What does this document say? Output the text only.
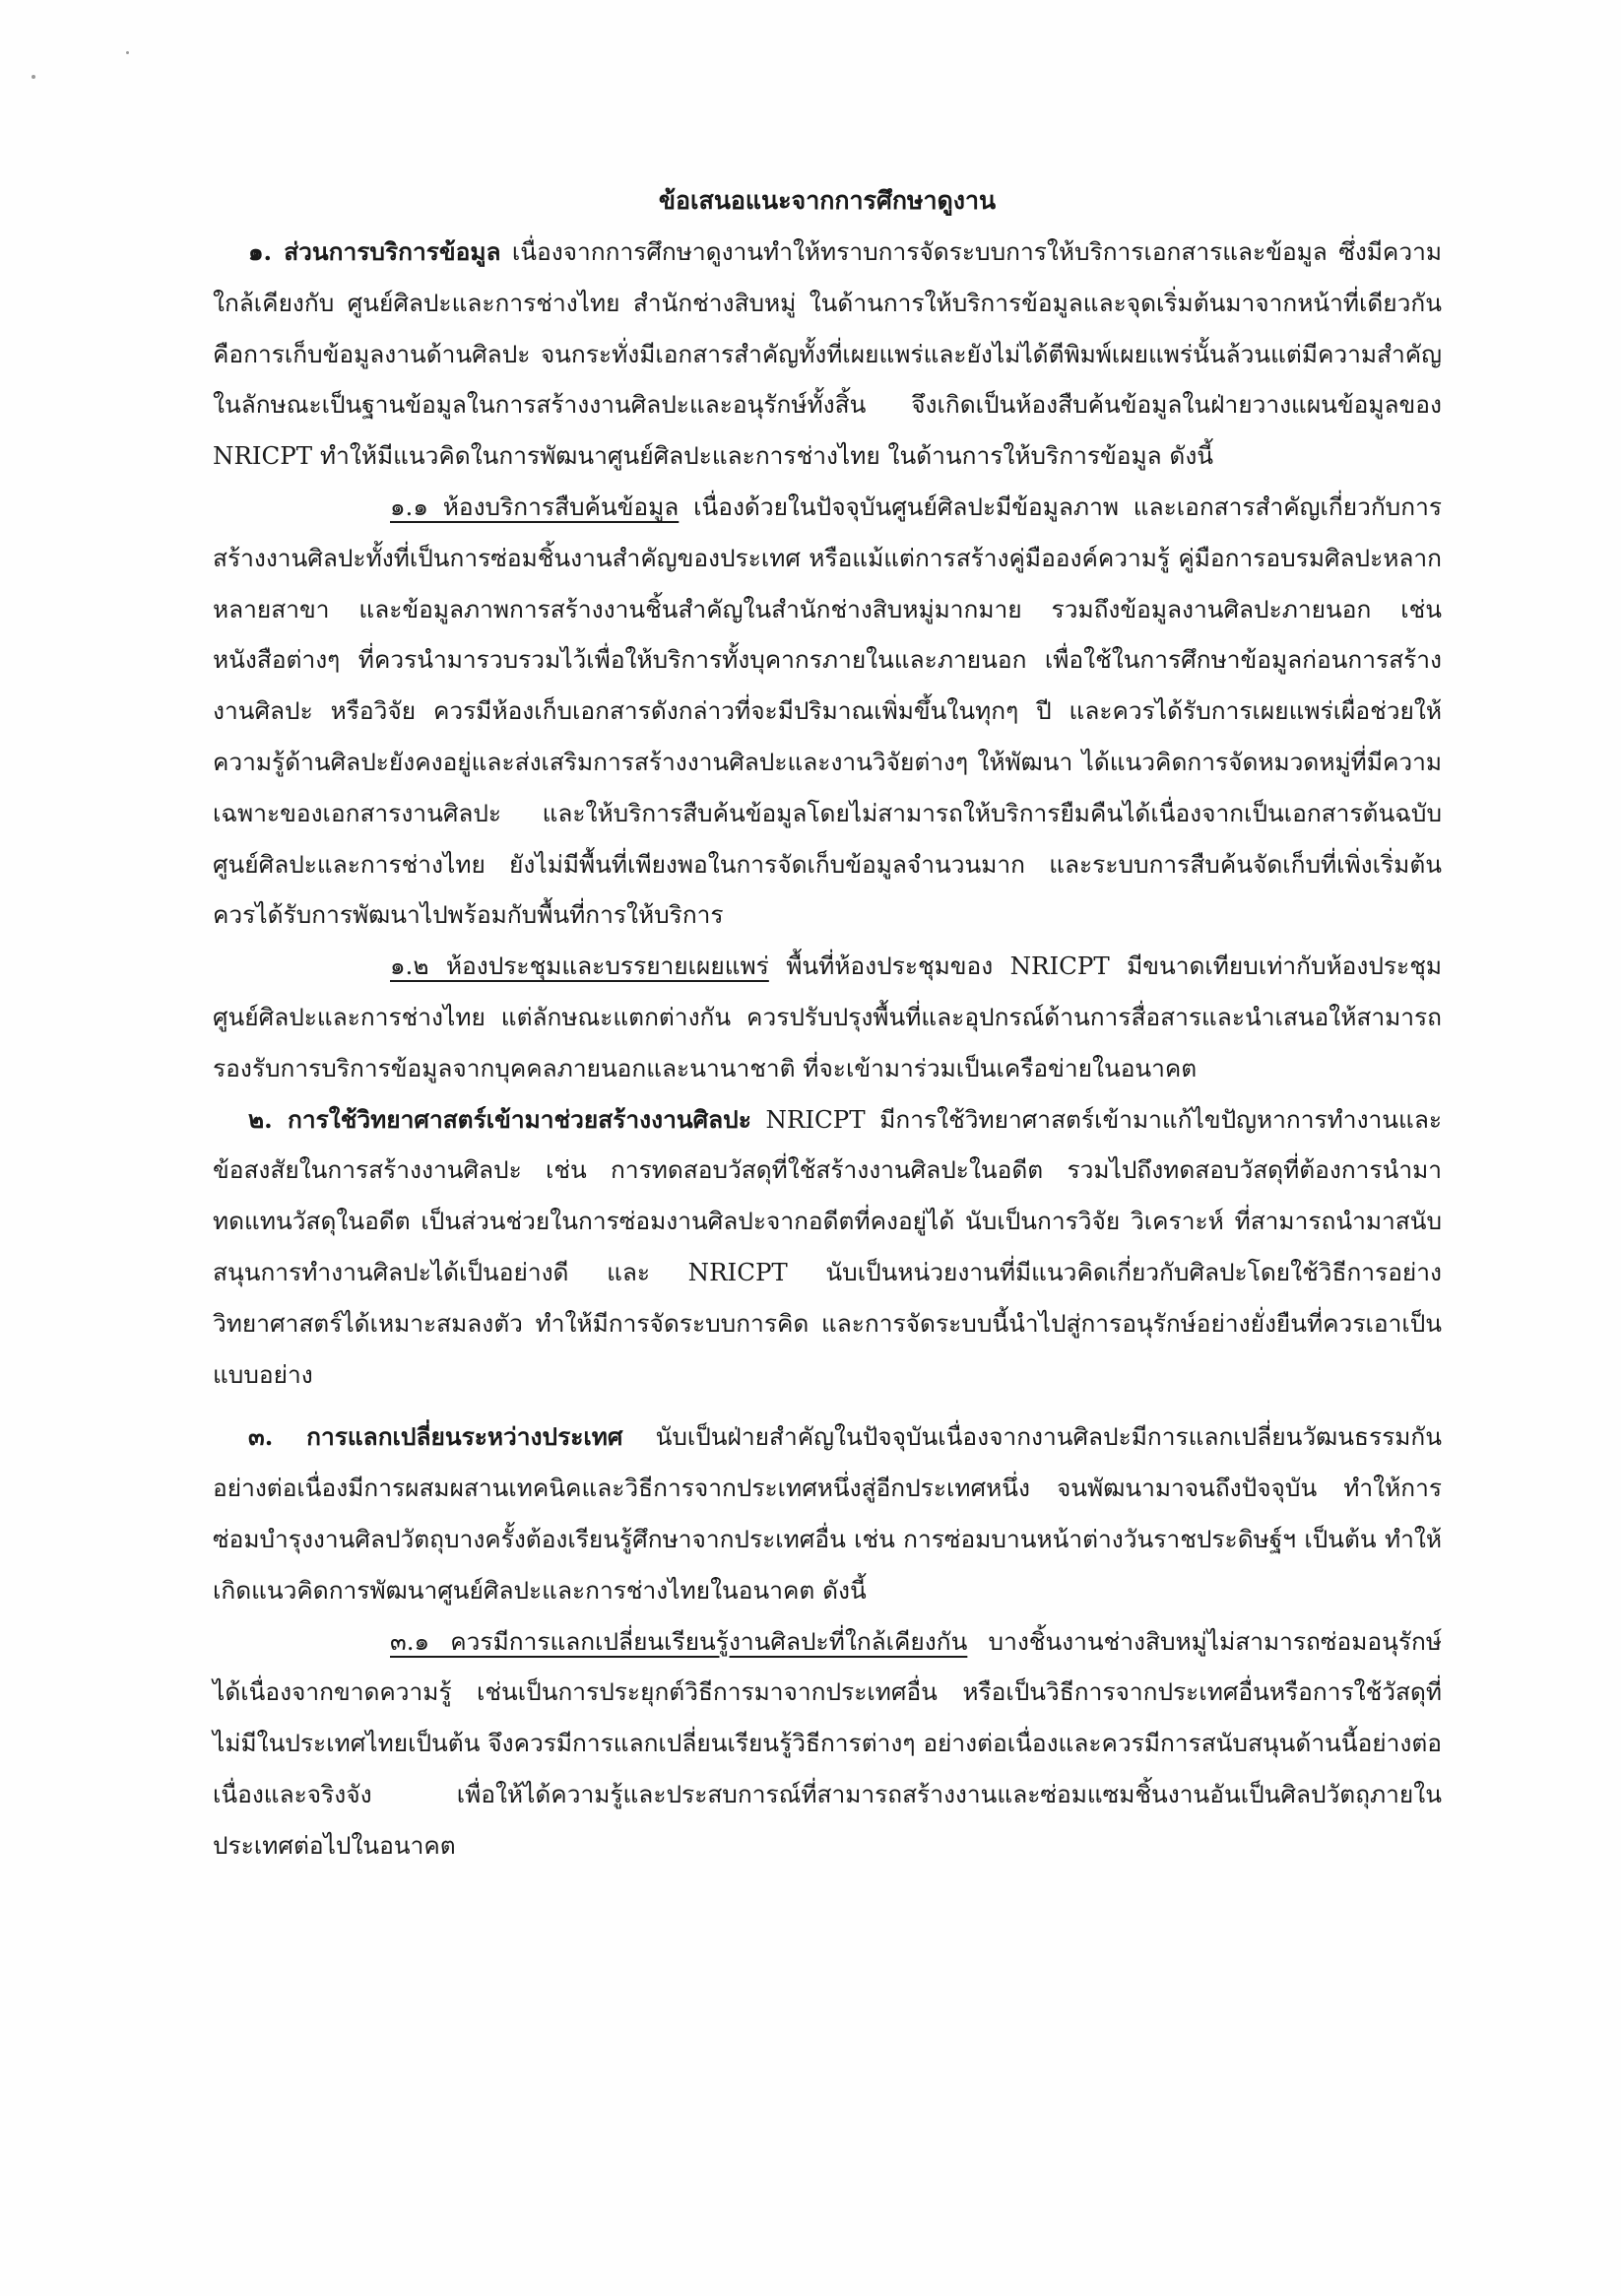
ข้อเสนอแนะจากการศึกษาดูงาน

๑. ส่วนการบริการข้อมูล เนื่องจากการศึกษาดูงานทำให้ทราบการจัดระบบการให้บริการเอกสารและข้อมูล ซึ่งมีความใกล้เคียงกับ ศูนย์ศิลปะและการช่างไทย สำนักช่างสิบหมู่ ในด้านการให้บริการข้อมูลและจุดเริ่มต้นมาจากหน้าที่เดียวกัน คือการเก็บข้อมูลงานด้านศิลปะ จนกระทั่งมีเอกสารสำคัญทั้งที่เผยแพร่และยังไม่ได้ตีพิมพ์เผยแพร่นั้นล้วนแต่มีความสำคัญ ในลักษณะเป็นฐานข้อมูลในการสร้างงานศิลปะและอนุรักษ์ทั้งสิ้น จึงเกิดเป็นห้องสืบค้นข้อมูลในฝ่ายวางแผนข้อมูลของ NRICPT ทำให้มีแนวคิดในการพัฒนาศูนย์ศิลปะและการช่างไทย ในด้านการให้บริการข้อมูล ดังนี้

๑.๑ ห้องบริการสืบค้นข้อมูล เนื่องด้วยในปัจจุบันศูนย์ศิลปะมีข้อมูลภาพ และเอกสารสำคัญเกี่ยวกับการสร้างงานศิลปะทั้งที่เป็นการซ่อมชิ้นงานสำคัญของประเทศ หรือแม้แต่การสร้างคู่มือองค์ความรู้ คู่มือการอบรมศิลปะหลากหลายสาขา และข้อมูลภาพการสร้างงานชิ้นสำคัญในสำนักช่างสิบหมู่มากมาย รวมถึงข้อมูลงานศิลปะภายนอก เช่นหนังสือต่างๆ ที่ควรนำมารวบรวมไว้เพื่อให้บริการทั้งบุคากรภายในและภายนอก เพื่อใช้ในการศึกษาข้อมูลก่อนการสร้างงานศิลปะ หรือวิจัย ควรมีห้องเก็บเอกสารดังกล่าวที่จะมีปริมาณเพิ่มขึ้นในทุกๆ ปี และควรได้รับการเผยแพร่เผื่อช่วยให้ความรู้ด้านศิลปะยังคงอยู่และส่งเสริมการสร้างงานศิลปะและงานวิจัยต่างๆ ให้พัฒนา ได้แนวคิดการจัดหมวดหมู่ที่มีความเฉพาะของเอกสารงานศิลปะ และให้บริการสืบค้นข้อมูลโดยไม่สามารถให้บริการยืมคืนได้เนื่องจากเป็นเอกสารต้นฉบับ ศูนย์ศิลปะและการช่างไทย ยังไม่มีพื้นที่เพียงพอในการจัดเก็บข้อมูลจำนวนมาก และระบบการสืบค้นจัดเก็บที่เพิ่งเริ่มต้นควรได้รับการพัฒนาไปพร้อมกับพื้นที่การให้บริการ

๑.๒ ห้องประชุมและบรรยายเผยแพร่ พื้นที่ห้องประชุมของ NRICPT มีขนาดเทียบเท่ากับห้องประชุมศูนย์ศิลปะและการช่างไทย แต่ลักษณะแตกต่างกัน ควรปรับปรุงพื้นที่และอุปกรณ์ด้านการสื่อสารและนำเสนอให้สามารถรองรับการบริการข้อมูลจากบุคคลภายนอกและนานาชาติ ที่จะเข้ามาร่วมเป็นเครือข่ายในอนาคต

๒. การใช้วิทยาศาสตร์เข้ามาช่วยสร้างงานศิลปะ NRICPT มีการใช้วิทยาศาสตร์เข้ามาแก้ไขปัญหาการทำงานและข้อสงสัยในการสร้างงานศิลปะ เช่น การทดสอบวัสดุที่ใช้สร้างงานศิลปะในอดีต รวมไปถึงทดสอบวัสดุที่ต้องการนำมาทดแทนวัสดุในอดีต เป็นส่วนช่วยในการซ่อมงานศิลปะจากอดีตที่คงอยู่ได้ นับเป็นการวิจัย วิเคราะห์ ที่สามารถนำมาสนับสนุนการทำงานศิลปะได้เป็นอย่างดี และ NRICPT นับเป็นหน่วยงานที่มีแนวคิดเกี่ยวกับศิลปะโดยใช้วิธีการอย่างวิทยาศาสตร์ได้เหมาะสมลงตัว ทำให้มีการจัดระบบการคิด และการจัดระบบนี้นำไปสู่การอนุรักษ์อย่างยั่งยืนที่ควรเอาเป็นแบบอย่าง

๓. การแลกเปลี่ยนระหว่างประเทศ นับเป็นฝ่ายสำคัญในปัจจุบันเนื่องจากงานศิลปะมีการแลกเปลี่ยนวัฒนธรรมกันอย่างต่อเนื่องมีการผสมผสานเทคนิคและวิธีการจากประเทศหนึ่งสู่อีกประเทศหนึ่ง จนพัฒนามาจนถึงปัจจุบัน ทำให้การซ่อมบำรุงงานศิลปวัตถุบางครั้งต้องเรียนรู้ศึกษาจากประเทศอื่น เช่น การซ่อมบานหน้าต่างวันราชประดิษฐ์ฯ เป็นต้น ทำให้เกิดแนวคิดการพัฒนาศูนย์ศิลปะและการช่างไทยในอนาคต ดังนี้

๓.๑ ควรมีการแลกเปลี่ยนเรียนรู้งานศิลปะที่ใกล้เคียงกัน บางชิ้นงานช่างสิบหมู่ไม่สามารถซ่อมอนุรักษ์ได้เนื่องจากขาดความรู้ เช่นเป็นการประยุกต์วิธีการมาจากประเทศอื่น หรือเป็นวิธีการจากประเทศอื่นหรือการใช้วัสดุที่ไม่มีในประเทศไทยเป็นต้น จึงควรมีการแลกเปลี่ยนเรียนรู้วิธีการต่างๆ อย่างต่อเนื่องและควรมีการสนับสนุนด้านนี้อย่างต่อเนื่องและจริงจัง เพื่อให้ได้ความรู้และประสบการณ์ที่สามารถสร้างงานและซ่อมแซมชิ้นงานอันเป็นศิลปวัตถุภายในประเทศต่อไปในอนาคต
